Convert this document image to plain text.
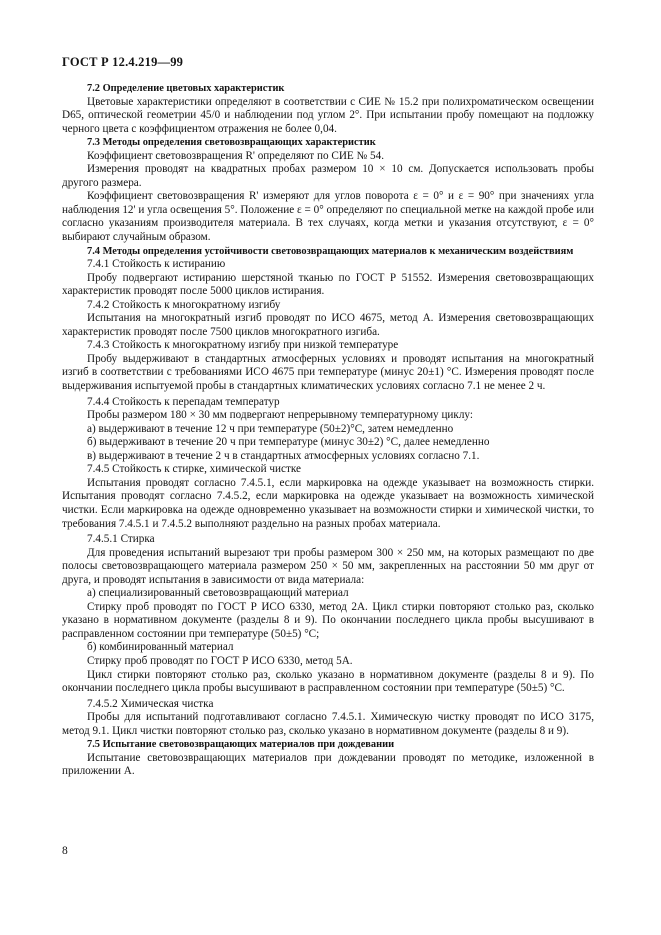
ГОСТ Р 12.4.219—99
7.2 Определение цветовых характеристик

Цветовые характеристики определяют в соответствии с СИЕ № 15.2 при полихроматическом освещении D65, оптической геометрии 45/0 и наблюдении под углом 2°. При испытании пробу помещают на подложку черного цвета с коэффициентом отражения не более 0,04.

7.3 Методы определения световозвращающих характеристик

Коэффициент световозвращения R' определяют по СИЕ № 54.

Измерения проводят на квадратных пробах размером 10 × 10 см. Допускается использовать пробы другого размера.

Коэффициент световозвращения R' измеряют для углов поворота ε = 0° и ε = 90° при значениях угла наблюдения 12' и угла освещения 5°. Положение ε = 0° определяют по специальной метке на каждой пробе или согласно указаниям производителя материала. В тех случаях, когда метки и указания отсутствуют, ε = 0° выбирают случайным образом.

7.4 Методы определения устойчивости световозвращающих материалов к механическим воздействиям

7.4.1 Стойкость к истиранию

Пробу подвергают истиранию шерстяной тканью по ГОСТ Р 51552. Измерения световозвращающих характеристик проводят после 5000 циклов истирания.

7.4.2 Стойкость к многократному изгибу

Испытания на многократный изгиб проводят по ИСО 4675, метод А. Измерения световозвращающих характеристик проводят после 7500 циклов многократного изгиба.

7.4.3 Стойкость к многократному изгибу при низкой температуре

Пробу выдерживают в стандартных атмосферных условиях и проводят испытания на многократный изгиб в соответствии с требованиями ИСО 4675 при температуре (минус 20±1) °С. Измерения проводят после выдерживания испытуемой пробы в стандартных климатических условиях согласно 7.1 не менее 2 ч.

7.4.4 Стойкость к перепадам температур

Пробы размером 180 × 30 мм подвергают непрерывному температурному циклу:

а) выдерживают в течение 12 ч при температуре (50±2)°С, затем немедленно

б) выдерживают в течение 20 ч при температуре (минус 30±2) °С, далее немедленно

в) выдерживают в течение 2 ч в стандартных атмосферных условиях согласно 7.1.

7.4.5 Стойкость к стирке, химической чистке

Испытания проводят согласно 7.4.5.1, если маркировка на одежде указывает на возможность стирки. Испытания проводят согласно 7.4.5.2, если маркировка на одежде указывает на возможность химической чистки. Если маркировка на одежде одновременно указывает на возможности стирки и химической чистки, то требования 7.4.5.1 и 7.4.5.2 выполняют раздельно на разных пробах материала.

7.4.5.1 Стирка

Для проведения испытаний вырезают три пробы размером 300 × 250 мм, на которых размещают по две полосы световозвращающего материала размером 250 × 50 мм, закрепленных на расстоянии 50 мм друг от друга, и проводят испытания в зависимости от вида материала:

а) специализированный световозвращающий материал

Стирку проб проводят по ГОСТ Р ИСО 6330, метод 2А. Цикл стирки повторяют столько раз, сколько указано в нормативном документе (разделы 8 и 9). По окончании последнего цикла пробы высушивают в расправленном состоянии при температуре (50±5) °С;

б) комбинированный материал

Стирку проб проводят по ГОСТ Р ИСО 6330, метод 5А.

Цикл стирки повторяют столько раз, сколько указано в нормативном документе (разделы 8 и 9). По окончании последнего цикла пробы высушивают в расправленном состоянии при температуре (50±5) °С.

7.4.5.2 Химическая чистка

Пробы для испытаний подготавливают согласно 7.4.5.1. Химическую чистку проводят по ИСО 3175, метод 9.1. Цикл чистки повторяют столько раз, сколько указано в нормативном документе (разделы 8 и 9).

7.5 Испытание световозвращающих материалов при дождевании

Испытание световозвращающих материалов при дождевании проводят по методике, изложенной в приложении А.

8
